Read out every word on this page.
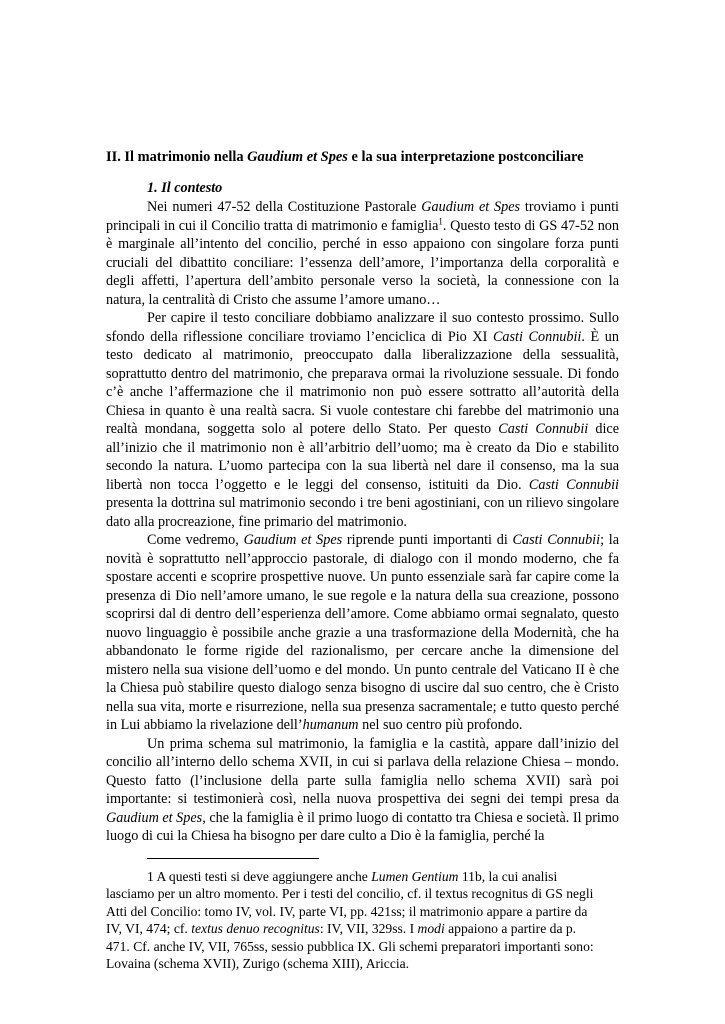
II. Il matrimonio nella Gaudium et Spes e la sua interpretazione postconciliare
1. Il contesto

Nei numeri 47-52 della Costituzione Pastorale Gaudium et Spes troviamo i punti principali in cui il Concilio tratta di matrimonio e famiglia$^1$. Questo testo di GS 47-52 non è marginale all’intento del concilio, perché in esso appaiono con singolare forza punti cruciali del dibattito conciliare: l’essenza dell’amore, l’importanza della corporalità e degli affetti, l’apertura dell’ambito personale verso la società, la connessione con la natura, la centralità di Cristo che assume l’amore umano…

Per capire il testo conciliare dobbiamo analizzare il suo contesto prossimo. Sullo sfondo della riflessione conciliare troviamo l’enciclica di Pio XI Casti Connubii. È un testo dedicato al matrimonio, preoccupato dalla liberalizzazione della sessualità, soprattutto dentro del matrimonio, che preparava ormai la rivoluzione sessuale. Di fondo c’è anche l’affermazione che il matrimonio non può essere sottratto all’autorità della Chiesa in quanto è una realtà sacra. Si vuole contestare chi farebbe del matrimonio una realtà mondana, soggetta solo al potere dello Stato. Per questo Casti Connubii dice all’inizio che il matrimonio non è all’arbitrio dell’uomo; ma è creato da Dio e stabilito secondo la natura. L’uomo partecipa con la sua libertà nel dare il consenso, ma la sua libertà non tocca l’oggetto e le leggi del consenso, istituiti da Dio. Casti Connubii presenta la dottrina sul matrimonio secondo i tre beni agostiniani, con un rilievo singolare dato alla procreazione, fine primario del matrimonio.

Come vedremo, Gaudium et Spes riprende punti importanti di Casti Connubii; la novità è soprattutto nell’approccio pastorale, di dialogo con il mondo moderno, che fa spostare accenti e scoprire prospettive nuove. Un punto essenziale sarà far capire come la presenza di Dio nell’amore umano, le sue regole e la natura della sua creazione, possono scoprirsi dal di dentro dell’esperienza dell’amore. Come abbiamo ormai segnalato, questo nuovo linguaggio è possibile anche grazie a una trasformazione della Modernità, che ha abbandonato le forme rigide del razionalismo, per cercare anche la dimensione del mistero nella sua visione dell’uomo e del mondo. Un punto centrale del Vaticano II è che la Chiesa può stabilire questo dialogo senza bisogno di uscire dal suo centro, che è Cristo nella sua vita, morte e risurrezione, nella sua presenza sacramentale; e tutto questo perché in Lui abbiamo la rivelazione dell’humanum nel suo centro più profondo.

Un prima schema sul matrimonio, la famiglia e la castità, appare dall’inizio del concilio all’interno dello schema XVII, in cui si parlava della relazione Chiesa – mondo. Questo fatto (l’inclusione della parte sulla famiglia nello schema XVII) sarà poi importante: si testimonierà così, nella nuova prospettiva dei segni dei tempi presa da Gaudium et Spes, che la famiglia è il primo luogo di contatto tra Chiesa e società. Il primo luogo di cui la Chiesa ha bisogno per dare culto a Dio è la famiglia, perché la

1 A questi testi si deve aggiungere anche Lumen Gentium 11b, la cui analisi

lasciamo per un altro momento. Per i testi del concilio, cf. il textus recognitus di GS negli

Atti del Concilio: tomo IV, vol. IV, parte VI, pp. 421ss; il matrimonio appare a partire da

IV, VI, 474; cf. textus denuo recognitus: IV, VII, 329ss. I modi appaiono a partire da p.

471. Cf. anche IV, VII, 765ss, sessio pubblica IX. Gli schemi preparatori importanti sono:

Lovaina (schema XVII), Zurigo (schema XIII), Ariccia.
